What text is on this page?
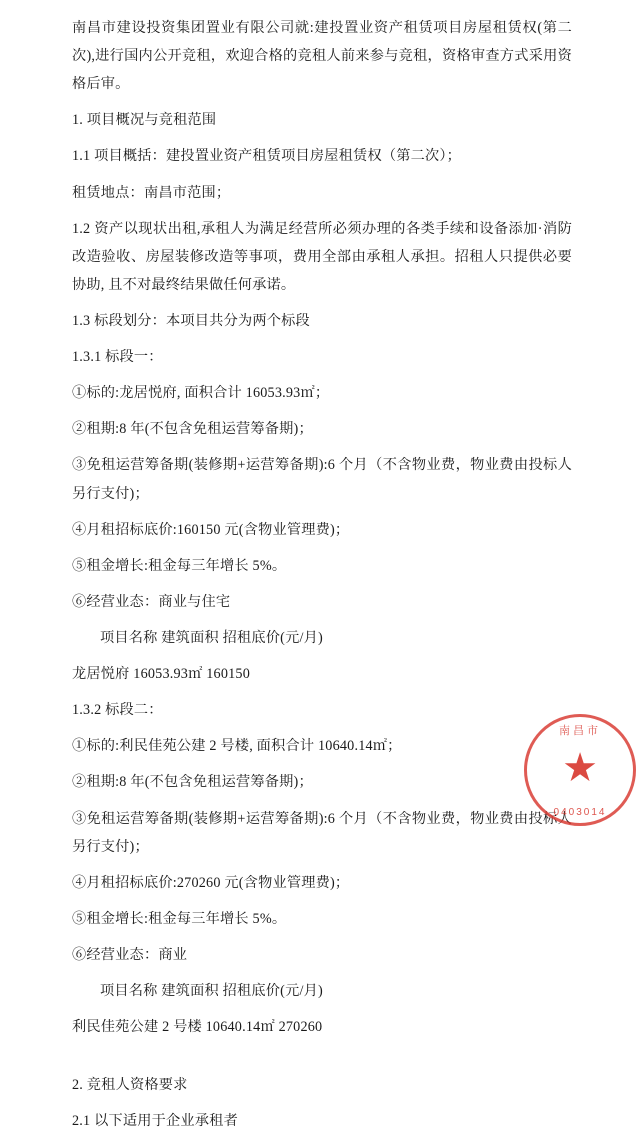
南昌市建设投资集团置业有限公司就:建投置业资产租赁项目房屋租赁权(第二次),进行国内公开竞租，欢迎合格的竞租人前来参与竞租，资格审查方式采用资格后审。

1. 项目概况与竞租范围

1.1 项目概括：建投置业资产租赁项目房屋租赁权（第二次）；

租赁地点：南昌市范围；

1.2 资产以现状出租,承租人为满足经营所必须办理的各类手续和设备添加·消防改造验收、房屋装修改造等事项，费用全部由承租人承担。招租人只提供必要协助, 且不对最终结果做任何承诺。

1.3 标段划分：本项目共分为两个标段

1.3.1 标段一：

①标的:龙居悦府, 面积合计 16053.93㎡；

②租期:8 年(不包含免租运营筹备期)；

③免租运营筹备期(装修期+运营筹备期):6 个月（不含物业费，物业费由投标人另行支付)；

④月租招标底价:160150 元(含物业管理费)；

⑤租金增长:租金每三年增长 5%。

⑥经营业态：商业与住宅

项目名称 建筑面积 招租底价(元/月)

龙居悦府 16053.93㎡ 160150

1.3.2 标段二：

①标的:利民佳苑公建 2 号楼, 面积合计 10640.14㎡；

②租期:8 年(不包含免租运营筹备期)；

③免租运营筹备期(装修期+运营筹备期):6 个月（不含物业费，物业费由投标人另行支付)；

④月租招标底价:270260 元(含物业管理费)；

⑤租金增长:租金每三年增长 5%。

⑥经营业态：商业

项目名称 建筑面积 招租底价(元/月)

利民佳苑公建 2 号楼 10640.14㎡ 270260

2. 竞租人资格要求

2.1 以下适用于企业承租者

南昌市
★
0403014
